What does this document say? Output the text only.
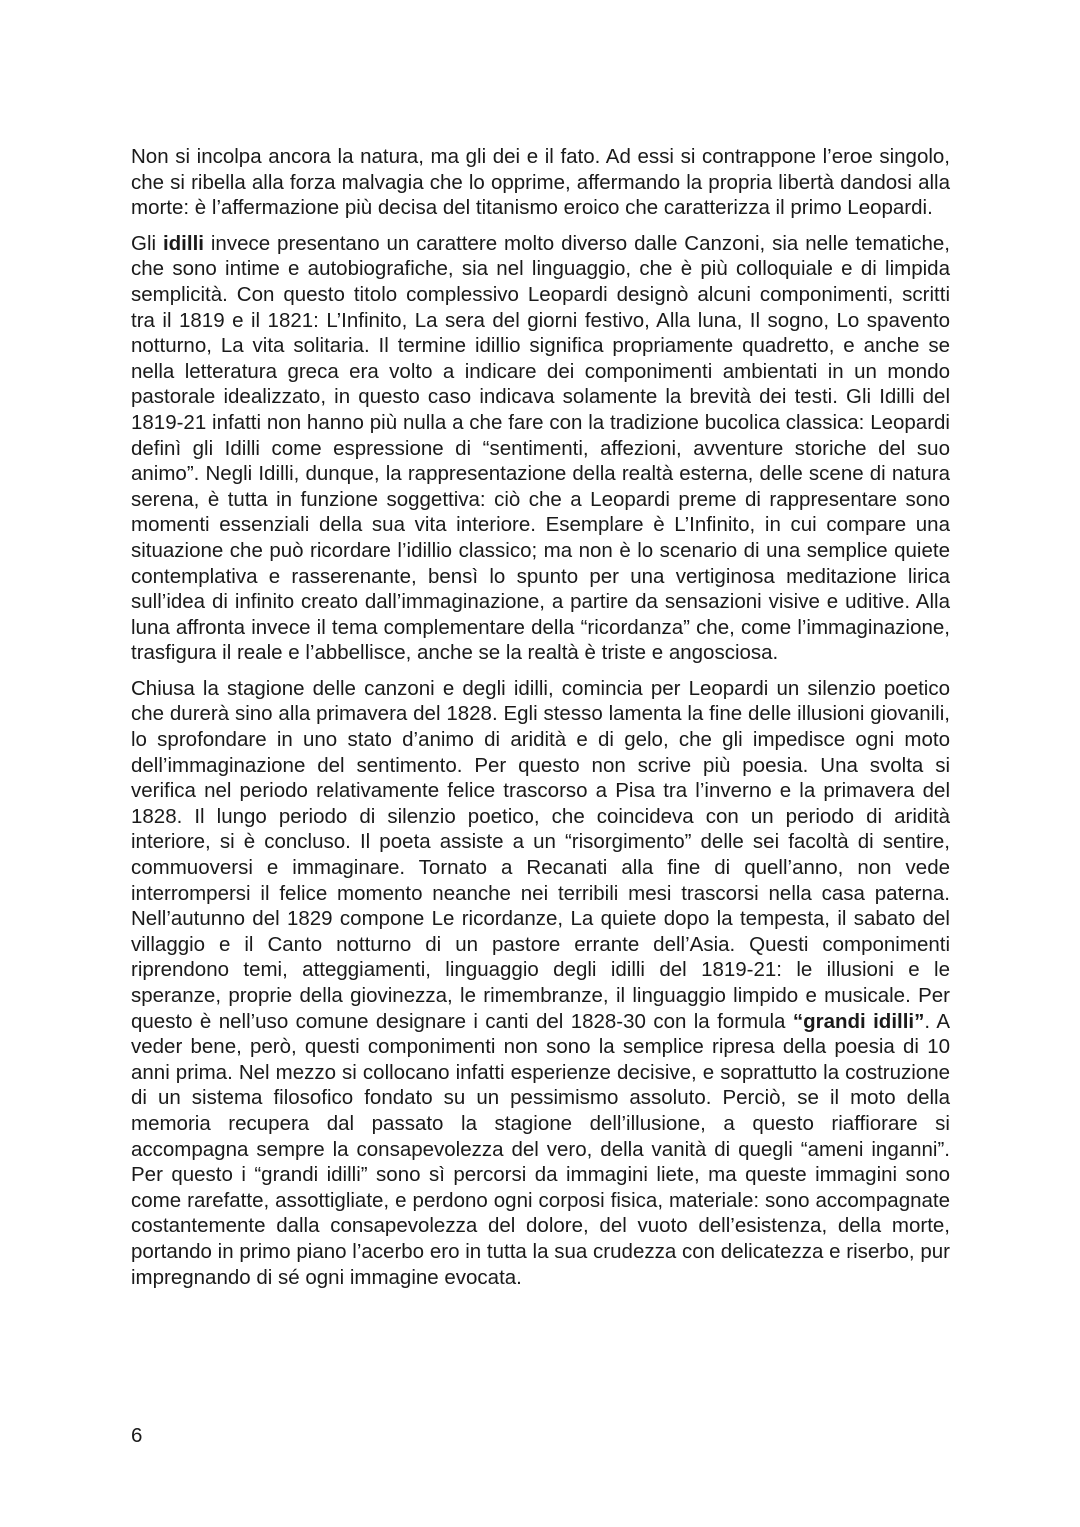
Non si incolpa ancora la natura, ma gli dei e il fato. Ad essi si contrappone l’eroe singolo, che si ribella alla forza malvagia che lo opprime, affermando la propria libertà dandosi alla morte: è l’affermazione più decisa del titanismo eroico che caratterizza il primo Leopardi.

Gli idilli invece presentano un carattere molto diverso dalle Canzoni, sia nelle tematiche, che sono intime e autobiografiche, sia nel linguaggio, che è più colloquiale e di limpida semplicità. Con questo titolo complessivo Leopardi designò alcuni componimenti, scritti tra il 1819 e il 1821: L’Infinito, La sera del giorni festivo, Alla luna, Il sogno, Lo spavento notturno, La vita solitaria. Il termine idillio significa propriamente quadretto, e anche se nella letteratura greca era volto a indicare dei componimenti ambientati in un mondo pastorale idealizzato, in questo caso indicava solamente la brevità dei testi. Gli Idilli del 1819-21 infatti non hanno più nulla a che fare con la tradizione bucolica classica: Leopardi definì gli Idilli come espressione di “sentimenti, affezioni, avventure storiche del suo animo”. Negli Idilli, dunque, la rappresentazione della realtà esterna, delle scene di natura serena, è tutta in funzione soggettiva: ciò che a Leopardi preme di rappresentare sono momenti essenziali della sua vita interiore. Esemplare è L’Infinito, in cui compare una situazione che può ricordare l’idillio classico; ma non è lo scenario di una semplice quiete contemplativa e rasserenante, bensì lo spunto per una vertiginosa meditazione lirica sull’idea di infinito creato dall’immaginazione, a partire da sensazioni visive e uditive. Alla luna affronta invece il tema complementare della “ricordanza” che, come l’immaginazione, trasfigura il reale e l’abbellisce, anche se la realtà è triste e angosciosa.

Chiusa la stagione delle canzoni e degli idilli, comincia per Leopardi un silenzio poetico che durerà sino alla primavera del 1828. Egli stesso lamenta la fine delle illusioni giovanili, lo sprofondare in uno stato d’animo di aridità e di gelo, che gli impedisce ogni moto dell’immaginazione del sentimento. Per questo non scrive più poesia. Una svolta si verifica nel periodo relativamente felice trascorso a Pisa tra l’inverno e la primavera del 1828. Il lungo periodo di silenzio poetico, che coincideva con un periodo di aridità interiore, si è concluso. Il poeta assiste a un “risorgimento” delle sei facoltà di sentire, commuoversi e immaginare. Tornato a Recanati alla fine di quell’anno, non vede interrompersi il felice momento neanche nei terribili mesi trascorsi nella casa paterna. Nell’autunno del 1829 compone Le ricordanze, La quiete dopo la tempesta, il sabato del villaggio e il Canto notturno di un pastore errante dell’Asia. Questi componimenti riprendono temi, atteggiamenti, linguaggio degli idilli del 1819-21: le illusioni e le speranze, proprie della giovinezza, le rimembranze, il linguaggio limpido e musicale. Per questo è nell’uso comune designare i canti del 1828-30 con la formula “grandi idilli”. A veder bene, però, questi componimenti non sono la semplice ripresa della poesia di 10 anni prima. Nel mezzo si collocano infatti esperienze decisive, e soprattutto la costruzione di un sistema filosofico fondato su un pessimismo assoluto. Perciò, se il moto della memoria recupera dal passato la stagione dell’illusione, a questo riaffiorare si accompagna sempre la consapevolezza del vero, della vanità di quegli “ameni inganni”. Per questo i “grandi idilli” sono sì percorsi da immagini liete, ma queste immagini sono come rarefatte, assottigliate, e perdono ogni corposi fisica, materiale: sono accompagnate costantemente dalla consapevolezza del dolore, del vuoto dell’esistenza, della morte, portando in primo piano l’acerbo ero in tutta la sua crudezza con delicatezza e riserbo, pur impregnando di sé ogni immagine evocata.

6
